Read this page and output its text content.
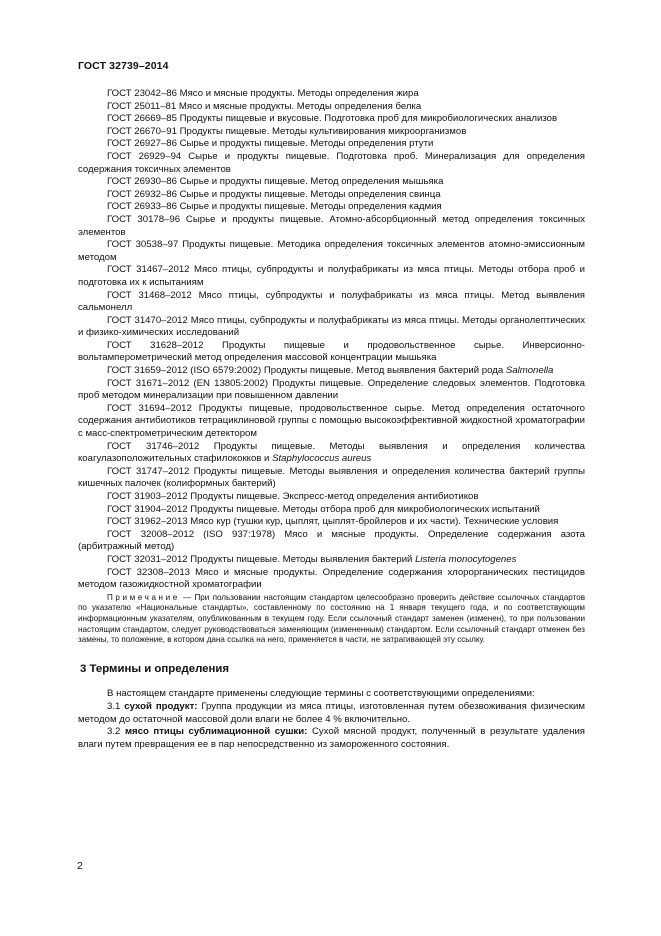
ГОСТ 32739–2014
ГОСТ 23042–86 Мясо и мясные продукты. Методы определения жира
ГОСТ 25011–81 Мясо и мясные продукты. Методы определения белка
ГОСТ 26669–85 Продукты пищевые и вкусовые. Подготовка проб для микробиологических анализов
ГОСТ 26670–91 Продукты пищевые. Методы культивирования микроорганизмов
ГОСТ 26927–86 Сырье и продукты пищевые. Методы определения ртути
ГОСТ 26929–94 Сырье и продукты пищевые. Подготовка проб. Минерализация для определения содержания токсичных элементов
ГОСТ 26930–86 Сырье и продукты пищевые. Метод определения мышьяка
ГОСТ 26932–86 Сырье и продукты пищевые. Методы определения свинца
ГОСТ 26933–86 Сырье и продукты пищевые. Методы определения кадмия
ГОСТ 30178–96 Сырье и продукты пищевые. Атомно-абсорбционный метод определения токсичных элементов
ГОСТ 30538–97 Продукты пищевые. Методика определения токсичных элементов атомно-эмиссионным методом
ГОСТ 31467–2012 Мясо птицы, субпродукты и полуфабрикаты из мяса птицы. Методы отбора проб и подготовка их к испытаниям
ГОСТ 31468–2012 Мясо птицы, субпродукты и полуфабрикаты из мяса птицы. Метод выявления сальмонелл
ГОСТ 31470–2012 Мясо птицы, субпродукты и полуфабрикаты из мяса птицы. Методы органолептических и физико-химических исследований
ГОСТ 31628–2012 Продукты пищевые и продовольственное сырье. Инверсионно-вольтамперометрический метод определения массовой концентрации мышьяка
ГОСТ 31659–2012 (ISO 6579:2002) Продукты пищевые. Метод выявления бактерий рода Salmonella
ГОСТ 31671–2012 (EN 13805:2002) Продукты пищевые. Определение следовых элементов. Подготовка проб методом минерализации при повышенном давлении
ГОСТ 31694–2012 Продукты пищевые, продовольственное сырье. Метод определения остаточного содержания антибиотиков тетрациклиновой группы с помощью высокоэффективной жидкостной хроматографии с масс-спектрометрическим детектором
ГОСТ 31746–2012 Продукты пищевые. Методы выявления и определения количества коагулазоположительных стафилококков и Staphylococcus aureus
ГОСТ 31747–2012 Продукты пищевые. Методы выявления и определения количества бактерий группы кишечных палочек (колиформных бактерий)
ГОСТ 31903–2012 Продукты пищевые. Экспресс-метод определения антибиотиков
ГОСТ 31904–2012 Продукты пищевые. Методы отбора проб для микробиологических испытаний
ГОСТ 31962–2013 Мясо кур (тушки кур, цыплят, цыплят-бройлеров и их части). Технические условия
ГОСТ 32008–2012 (ISO 937:1978) Мясо и мясные продукты. Определение содержания азота (арбитражный метод)
ГОСТ 32031–2012 Продукты пищевые. Методы выявления бактерий Listeria monocytogenes
ГОСТ 32308–2013 Мясо и мясные продукты. Определение содержания хлорорганических пестицидов методом газожидкостной хроматографии
Примечание — При пользовании настоящим стандартом целесообразно проверить действие ссылочных стандартов по указателю «Национальные стандарты», составленному по состоянию на 1 января текущего года, и по соответствующим информационным указателям, опубликованным в текущем году. Если ссылочный стандарт заменен (изменен), то при пользовании настоящим стандартом, следует руководствоваться заменяющим (измененным) стандартом. Если ссылочный стандарт отменен без замены, то положение, в котором дана ссылка на него, применяется в части, не затрагивающей эту ссылку.
3 Термины и определения
В настоящем стандарте применены следующие термины с соответствующими определениями:
3.1 сухой продукт: Группа продукции из мяса птицы, изготовленная путем обезвоживания физическим методом до остаточной массовой доли влаги не более 4 % включительно.
3.2 мясо птицы сублимационной сушки: Сухой мясной продукт, полученный в результате удаления влаги путем превращения ее в пар непосредственно из замороженного состояния.
2
